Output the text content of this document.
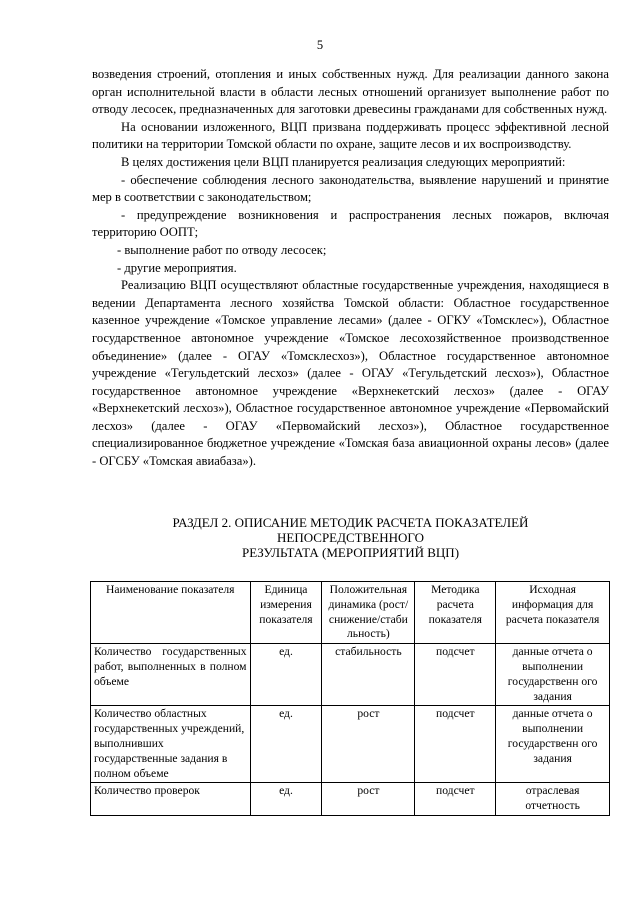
5

возведения строений, отопления и иных собственных нужд. Для реализации данного закона орган исполнительной власти в области лесных отношений организует выполнение работ по отводу лесосек, предназначенных для заготовки древесины гражданами для собственных нужд.

На основании изложенного, ВЦП призвана поддерживать процесс эффективной лесной политики на территории Томской области по охране, защите лесов и их воспроизводству.

В целях достижения цели ВЦП планируется реализация следующих мероприятий:

- обеспечение соблюдения лесного законодательства, выявление нарушений и принятие мер в соответствии с законодательством;

- предупреждение возникновения и распространения лесных пожаров, включая территорию ООПТ;

- выполнение работ по отводу лесосек;

- другие мероприятия.

Реализацию ВЦП осуществляют областные государственные учреждения, находящиеся в ведении Департамента лесного хозяйства Томской области: Областное государственное казенное учреждение «Томское управление лесами» (далее - ОГКУ «Томсклес»), Областное государственное автономное учреждение «Томское лесохозяйственное производственное объединение» (далее - ОГАУ «Томсклесхоз»), Областное государственное автономное учреждение «Тегульдетский лесхоз» (далее - ОГАУ «Тегульдетский лесхоз»), Областное государственное автономное учреждение «Верхнекетский лесхоз» (далее - ОГАУ «Верхнекетский лесхоз»), Областное государственное автономное учреждение «Первомайский лесхоз» (далее - ОГАУ «Первомайский лесхоз»), Областное государственное специализированное бюджетное учреждение «Томская база авиационной охраны лесов» (далее - ОГСБУ «Томская авиабаза»).

РАЗДЕЛ 2. ОПИСАНИЕ МЕТОДИК РАСЧЕТА ПОКАЗАТЕЛЕЙ
НЕПОСРЕДСТВЕННОГО
РЕЗУЛЬТАТА (МЕРОПРИЯТИЙ ВЦП)
Наименование показателя	Единица измерения показателя	Положительная динамика (рост/ снижение/стаби льность)	Методика расчета показателя	Исходная информация для расчета показателя
Количество государственных работ, выполненных в полном объеме	ед.	стабильность	подсчет	данные отчета о выполнении государственн ого задания
Количество областных государственных учреждений, выполнивших государственные задания в полном объеме	ед.	рост	подсчет	данные отчета о выполнении государственн ого задания
Количество проверок	ед.	рост	подсчет	отраслевая отчетность
